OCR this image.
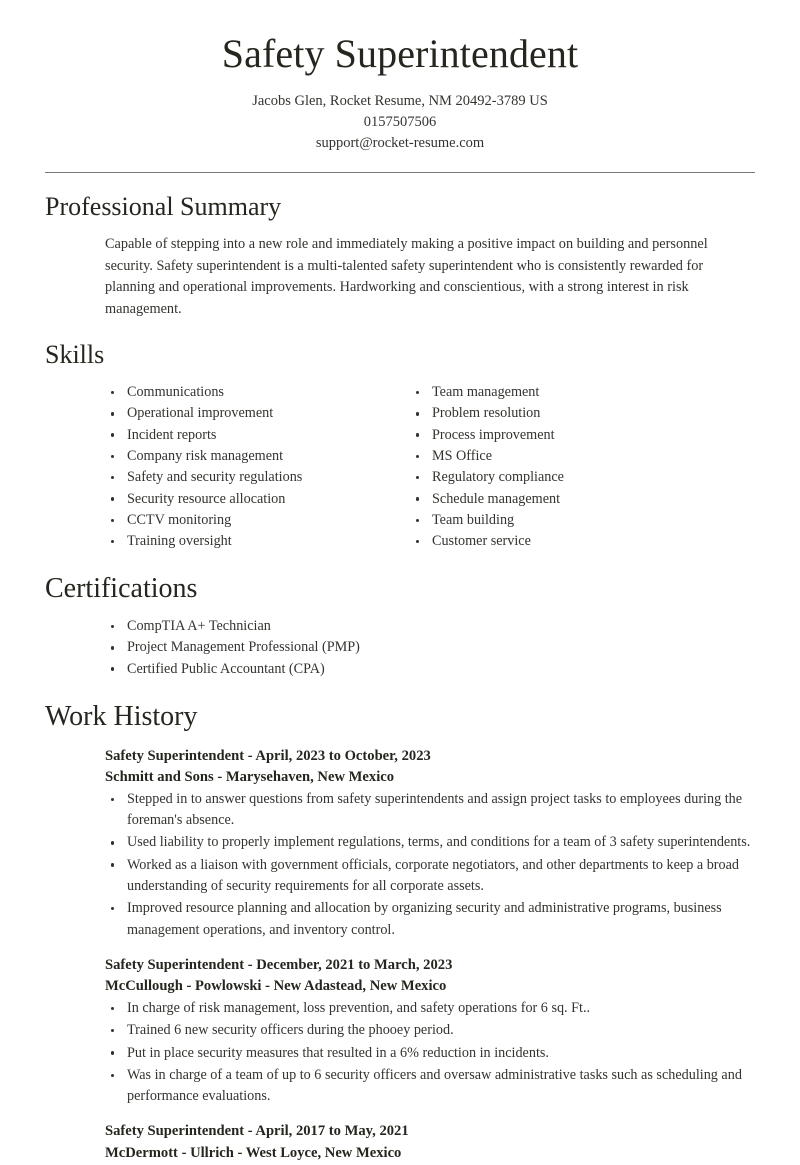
Safety Superintendent
Jacobs Glen, Rocket Resume, NM 20492-3789 US
0157507506
support@rocket-resume.com
Professional Summary

Capable of stepping into a new role and immediately making a positive impact on building and personnel security. Safety superintendent is a multi-talented safety superintendent who is consistently rewarded for planning and operational improvements. Hardworking and conscientious, with a strong interest in risk management.

Skills
Communications
Operational improvement
Incident reports
Company risk management
Safety and security regulations
Security resource allocation
CCTV monitoring
Training oversight
Team management
Problem resolution
Process improvement
MS Office
Regulatory compliance
Schedule management
Team building
Customer service
Certifications
CompTIA A+ Technician
Project Management Professional (PMP)
Certified Public Accountant (CPA)
Work History
Safety Superintendent - April, 2023 to October, 2023
Schmitt and Sons - Marysehaven, New Mexico
Stepped in to answer questions from safety superintendents and assign project tasks to employees during the foreman's absence.
Used liability to properly implement regulations, terms, and conditions for a team of 3 safety superintendents.
Worked as a liaison with government officials, corporate negotiators, and other departments to keep a broad understanding of security requirements for all corporate assets.
Improved resource planning and allocation by organizing security and administrative programs, business management operations, and inventory control.
Safety Superintendent - December, 2021 to March, 2023
McCullough - Powlowski - New Adastead, New Mexico
In charge of risk management, loss prevention, and safety operations for 6 sq. Ft..
Trained 6 new security officers during the phooey period.
Put in place security measures that resulted in a 6% reduction in incidents.
Was in charge of a team of up to 6 security officers and oversaw administrative tasks such as scheduling and performance evaluations.
Safety Superintendent - April, 2017 to May, 2021
McDermott - Ullrich - West Loyce, New Mexico
